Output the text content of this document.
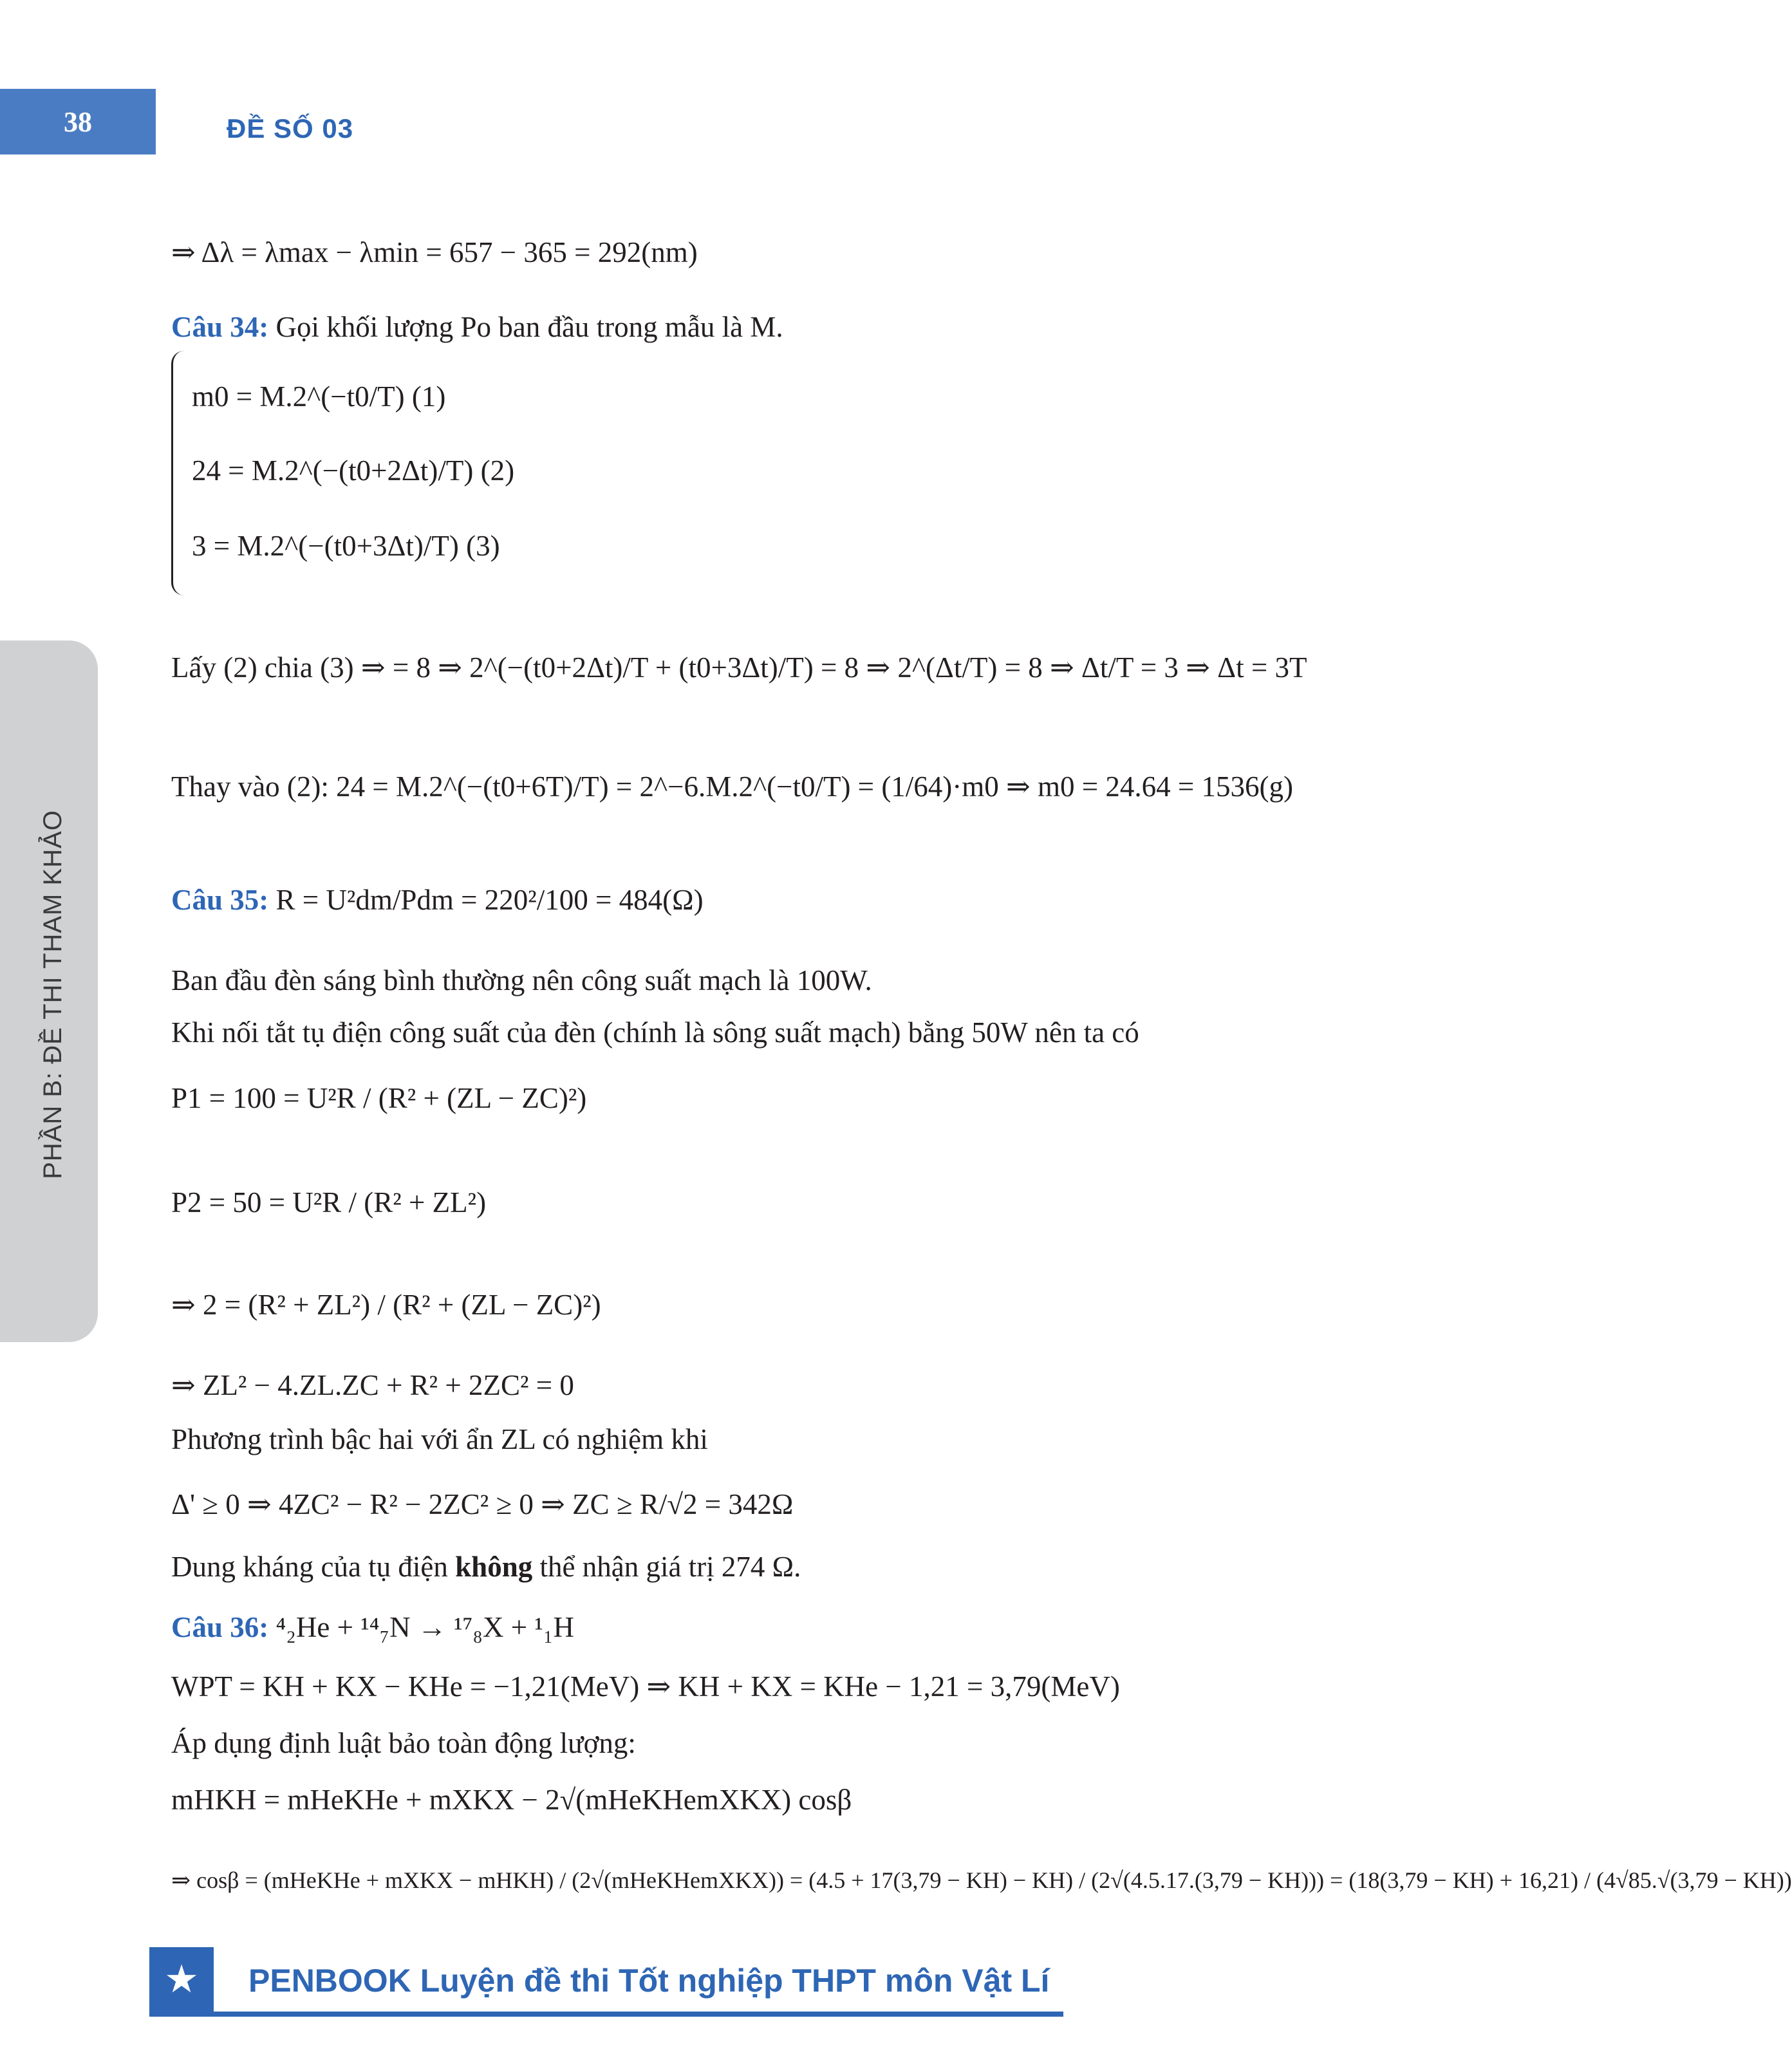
38	ĐỀ SỐ 03
PHẦN B: ĐỀ THI THAM KHẢO
⇒ Δλ = λmax − λmin = 657 − 365 = 292(nm)
Câu 34: Gọi khối lượng Po ban đầu trong mẫu là M.
m0 = M.2^(−t0/T) (1)
24 = M.2^(−(t0+2Δt)/T) (2)
3 = M.2^(−(t0+3Δt)/T) (3)
Lấy (2) chia (3) ⇒ = 8 ⇒ 2^(−(t0+2Δt)/T + (t0+3Δt)/T) = 8 ⇒ 2^(Δt/T) = 8 ⇒ Δt/T = 3 ⇒ Δt = 3T
Thay vào (2): 24 = M.2^(−(t0+6T)/T) = 2^−6.M.2^(−t0/T) = (1/64)·m0 ⇒ m0 = 24.64 = 1536(g)
Câu 35: R = U²dm/Pdm = 220²/100 = 484(Ω)
Ban đầu đèn sáng bình thường nên công suất mạch là 100W.
Khi nối tắt tụ điện công suất của đèn (chính là sông suất mạch) bằng 50W nên ta có
P1 = 100 = U²R / (R² + (ZL − ZC)²)
P2 = 50 = U²R / (R² + ZL²)
⇒ 2 = (R² + ZL²) / (R² + (ZL − ZC)²)
⇒ ZL² − 4.ZL.ZC + R² + 2ZC² = 0
Phương trình bậc hai với ẩn ZL có nghiệm khi
Δ' ≥ 0 ⇒ 4ZC² − R² − 2ZC² ≥ 0 ⇒ ZC ≥ R/√2 = 342Ω
Dung kháng của tụ điện không thể nhận giá trị 274 Ω.
Câu 36: ⁴₂He + ¹⁴₇N → ¹⁷₈X + ¹₁H
WPT = KH + KX − KHe = −1,21(MeV) ⇒ KH + KX = KHe − 1,21 = 3,79(MeV)
Áp dụng định luật bảo toàn động lượng:
mHKH = mHeKHe + mXKX − 2√(mHeKHemXKX) cosβ
⇒ cosβ = (mHeKHe + mXKX − mHKH) / (2√(mHeKHemXKX)) = (4.5 + 17(3,79 − KH) − KH) / (2√(4.5.17.(3,79 − KH))) = (18(3,79 − KH) + 16,21) / (4√85.√(3,79 − KH))
★	PENBOOK Luyện đề thi Tốt nghiệp THPT môn Vật Lí
